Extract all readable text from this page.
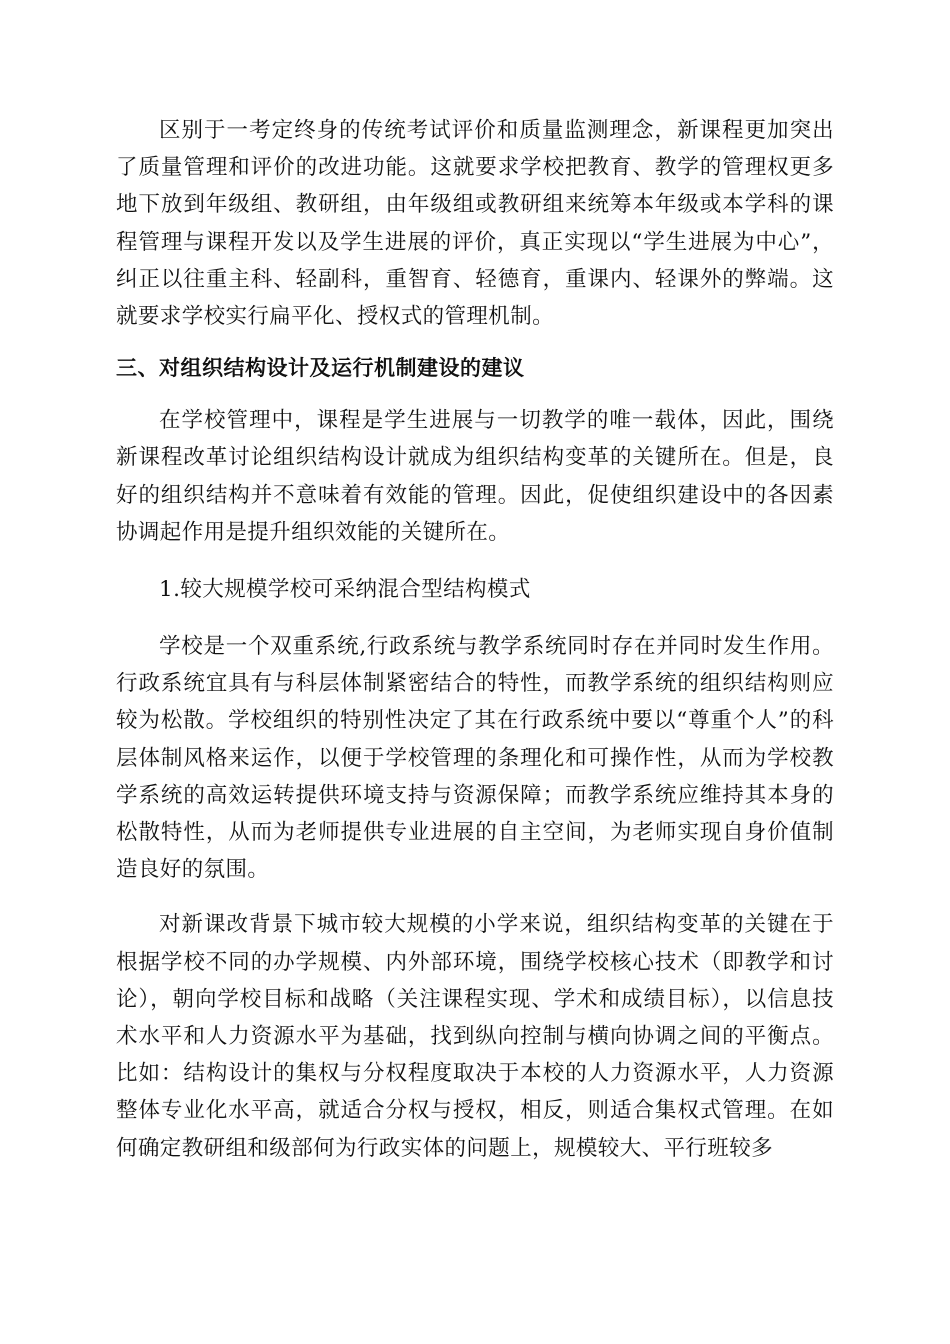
区别于一考定终身的传统考试评价和质量监测理念，新课程更加突出了质量管理和评价的改进功能。这就要求学校把教育、教学的管理权更多地下放到年级组、教研组，由年级组或教研组来统筹本年级或本学科的课程管理与课程开发以及学生进展的评价，真正实现以“学生进展为中心”，纠正以往重主科、轻副科，重智育、轻德育，重课内、轻课外的弊端。这就要求学校实行扁平化、授权式的管理机制。

三、对组织结构设计及运行机制建设的建议

在学校管理中，课程是学生进展与一切教学的唯一载体，因此，围绕新课程改革讨论组织结构设计就成为组织结构变革的关键所在。但是，良好的组织结构并不意味着有效能的管理。因此，促使组织建设中的各因素协调起作用是提升组织效能的关键所在。

1.较大规模学校可采纳混合型结构模式

学校是一个双重系统,行政系统与教学系统同时存在并同时发生作用。行政系统宜具有与科层体制紧密结合的特性，而教学系统的组织结构则应较为松散。学校组织的特别性决定了其在行政系统中要以“尊重个人”的科层体制风格来运作，以便于学校管理的条理化和可操作性，从而为学校教学系统的高效运转提供环境支持与资源保障；而教学系统应维持其本身的松散特性，从而为老师提供专业进展的自主空间，为老师实现自身价值制造良好的氛围。

对新课改背景下城市较大规模的小学来说，组织结构变革的关键在于根据学校不同的办学规模、内外部环境，围绕学校核心技术（即教学和讨论），朝向学校目标和战略（关注课程实现、学术和成绩目标），以信息技术水平和人力资源水平为基础，找到纵向控制与横向协调之间的平衡点。比如：结构设计的集权与分权程度取决于本校的人力资源水平，人力资源整体专业化水平高，就适合分权与授权，相反，则适合集权式管理。在如何确定教研组和级部何为行政实体的问题上，规模较大、平行班较多
